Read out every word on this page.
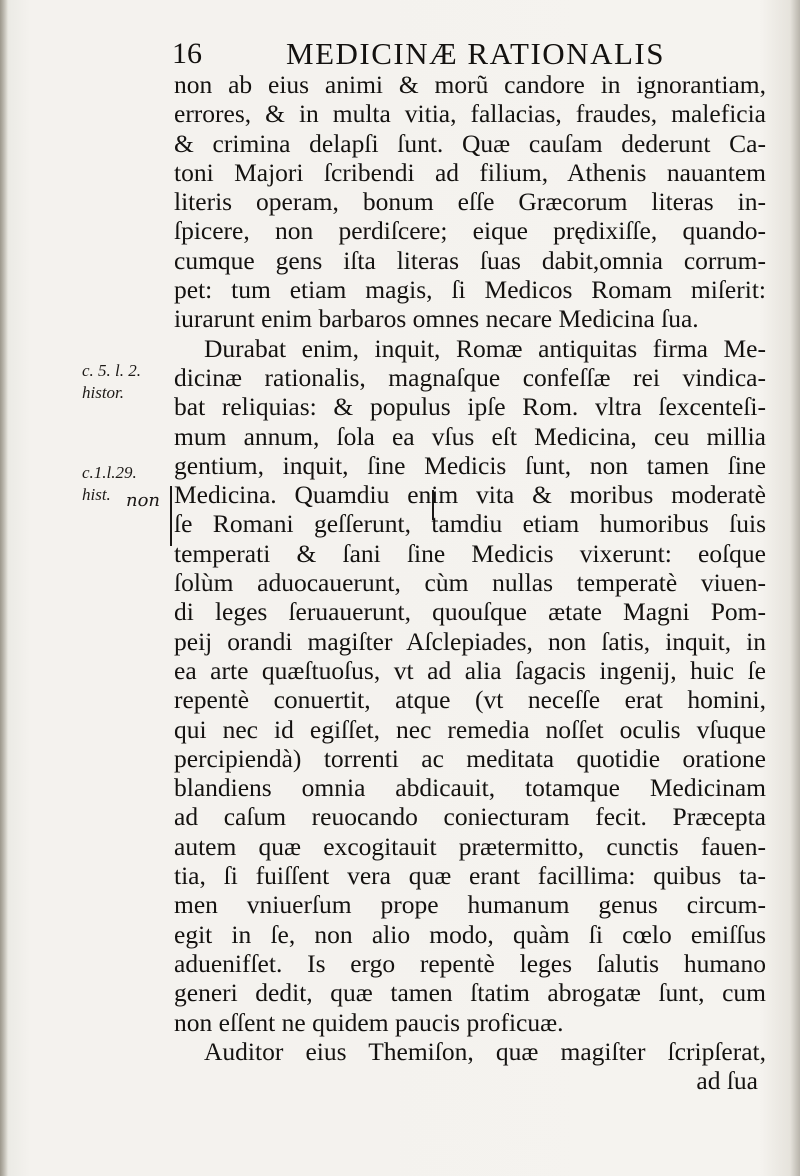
16	MEDICINÆ RATIONALIS
c. 5. l. 2.
histor.
c.1.l.29.
hist. non
non ab eius animi & morũ candore in ignorantiam,
errores, & in multa vitia, fallacias, fraudes, maleficia
& crimina delapſi ſunt. Quæ cauſam dederunt Ca-
toni Majori ſcribendi ad filium, Athenis nauantem
literis operam, bonum eſſe Græcorum literas in-
ſpicere, non perdiſcere; eique prędixiſſe, quando-
cumque gens iſta literas ſuas dabit,omnia corrum-
pet: tum etiam magis, ſi Medicos Romam miſerit:
iurarunt enim barbaros omnes necare Medicina ſua.
Durabat enim, inquit, Romæ antiquitas firma Me-
dicinæ rationalis, magnaſque confeſſæ rei vindica-
bat reliquias: & populus ipſe Rom. vltra ſexcenteſi-
mum annum, ſola ea vſus eſt Medicina, ceu millia
gentium, inquit, ſine Medicis ſunt, non tamen ſine
Medicina. Quamdiu enim vita & moribus moderatè
ſe Romani geſſerunt, tamdiu etiam humoribus ſuis
temperati & ſani ſine Medicis vixerunt: eoſque
ſolùm aduocauerunt, cùm nullas temperatè viuen-
di leges ſeruauerunt, quouſque ætate Magni Pom-
peij orandi magiſter Aſclepiades, non ſatis, inquit, in
ea arte quæſtuoſus, vt ad alia ſagacis ingenij, huic ſe
repentè conuertit, atque (vt neceſſe erat homini,
qui nec id egiſſet, nec remedia noſſet oculis vſuque
percipiendà) torrenti ac meditata quotidie oratione
blandiens omnia abdicauit, totamque Medicinam
ad caſum reuocando coniecturam fecit. Præcepta
autem quæ excogitauit prætermitto, cunctis fauen-
tia, ſi fuiſſent vera quæ erant facillima: quibus ta-
men vniuerſum prope humanum genus circum-
egit in ſe, non alio modo, quàm ſi cœlo emiſſus
aduenifſet. Is ergo repentè leges ſalutis humano
generi dedit, quæ tamen ſtatim abrogatæ ſunt, cum
non eſſent ne quidem paucis proficuæ.
Auditor eius Themiſon, quæ magiſter ſcripſerat,
ad ſua
